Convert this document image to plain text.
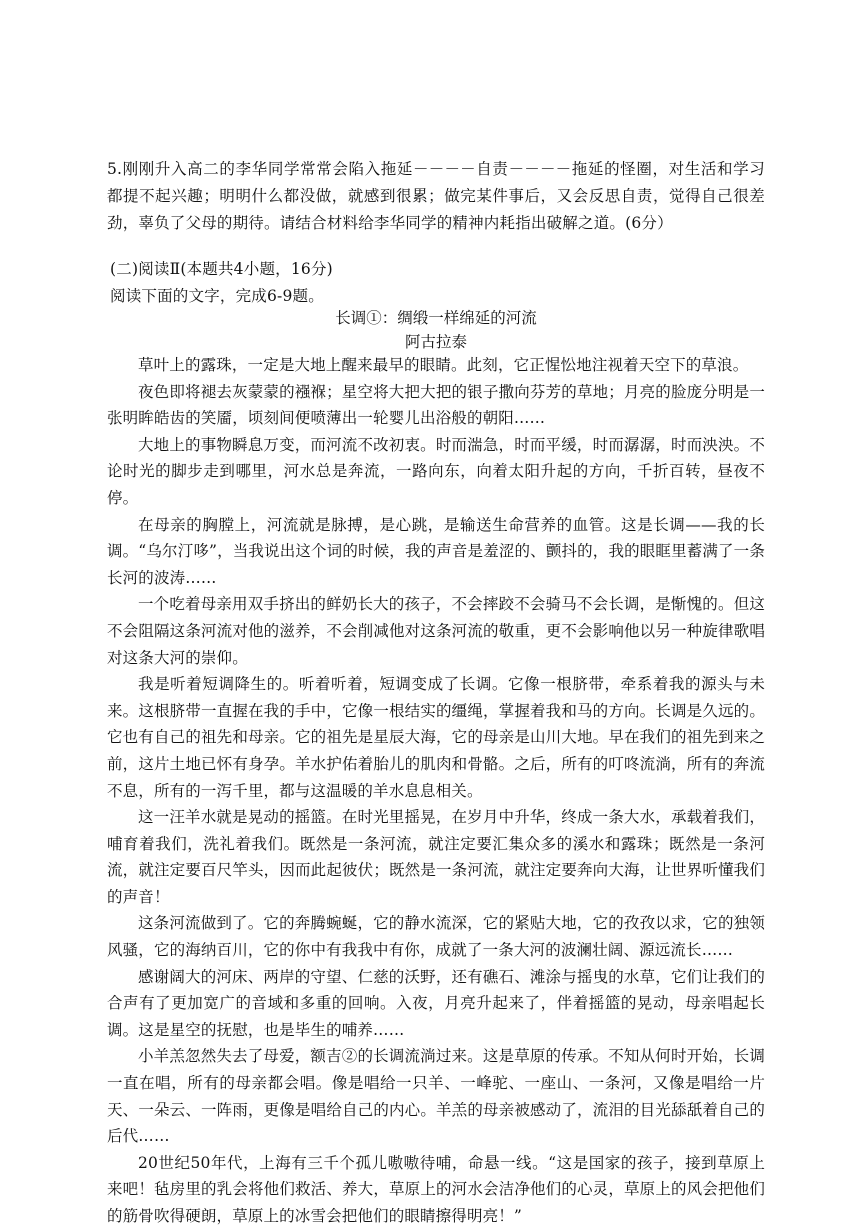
5.刚刚升入高二的李华同学常常会陷入拖延－－－－自责－－－－拖延的怪圈，对生活和学习都提不起兴趣；明明什么都没做，就感到很累；做完某件事后，又会反思自责，觉得自己很差劲，辜负了父母的期待。请结合材料给李华同学的精神内耗指出破解之道。(6分）

(二)阅读Ⅱ(本题共4小题，16分)

阅读下面的文字，完成6-9题。

长调①：绸缎一样绵延的河流
阿古拉泰

草叶上的露珠，一定是大地上醒来最早的眼睛。此刻，它正惺忪地注视着天空下的草浪。

夜色即将褪去灰蒙蒙的襁褓；星空将大把大把的银子撒向芬芳的草地；月亮的脸庞分明是一张明眸皓齿的笑靥，顷刻间便喷薄出一轮婴儿出浴般的朝阳……

大地上的事物瞬息万变，而河流不改初衷。时而湍急，时而平缓，时而潺潺，时而泱泱。不论时光的脚步走到哪里，河水总是奔流，一路向东，向着太阳升起的方向，千折百转，昼夜不停。

在母亲的胸膛上，河流就是脉搏，是心跳，是输送生命营养的血管。这是长调——我的长调。“乌尔汀哆”，当我说出这个词的时候，我的声音是羞涩的、颤抖的，我的眼眶里蓄满了一条长河的波涛……

一个吃着母亲用双手挤出的鲜奶长大的孩子，不会摔跤不会骑马不会长调，是惭愧的。但这不会阻隔这条河流对他的滋养，不会削减他对这条河流的敬重，更不会影响他以另一种旋律歌唱对这条大河的崇仰。

我是听着短调降生的。听着听着，短调变成了长调。它像一根脐带，牵系着我的源头与未来。这根脐带一直握在我的手中，它像一根结实的缰绳，掌握着我和马的方向。长调是久远的。它也有自己的祖先和母亲。它的祖先是星辰大海，它的母亲是山川大地。早在我们的祖先到来之前，这片土地已怀有身孕。羊水护佑着胎儿的肌肉和骨骼。之后，所有的叮咚流淌，所有的奔流不息，所有的一泻千里，都与这温暖的羊水息息相关。

这一汪羊水就是晃动的摇篮。在时光里摇晃，在岁月中升华，终成一条大水，承载着我们，哺育着我们，洗礼着我们。既然是一条河流，就注定要汇集众多的溪水和露珠；既然是一条河流，就注定要百尺竿头，因而此起彼伏；既然是一条河流，就注定要奔向大海，让世界听懂我们的声音！

这条河流做到了。它的奔腾蜿蜒，它的静水流深，它的紧贴大地，它的孜孜以求，它的独领风骚，它的海纳百川，它的你中有我我中有你，成就了一条大河的波澜壮阔、源远流长……

感谢阔大的河床、两岸的守望、仁慈的沃野，还有礁石、滩涂与摇曳的水草，它们让我们的合声有了更加宽广的音域和多重的回响。入夜，月亮升起来了，伴着摇篮的晃动，母亲唱起长调。这是星空的抚慰，也是毕生的哺养……

小羊羔忽然失去了母爱，额吉②的长调流淌过来。这是草原的传承。不知从何时开始，长调一直在唱，所有的母亲都会唱。像是唱给一只羊、一峰驼、一座山、一条河，又像是唱给一片天、一朵云、一阵雨，更像是唱给自己的内心。羊羔的母亲被感动了，流泪的目光舔舐着自己的后代……

20世纪50年代，上海有三千个孤儿嗷嗷待哺，命悬一线。“这是国家的孩子，接到草原上来吧！毡房里的乳会将他们救活、养大，草原上的河水会洁净他们的心灵，草原上的风会把他们的筋骨吹得硬朗，草原上的冰雪会把他们的眼睛擦得明亮！”
